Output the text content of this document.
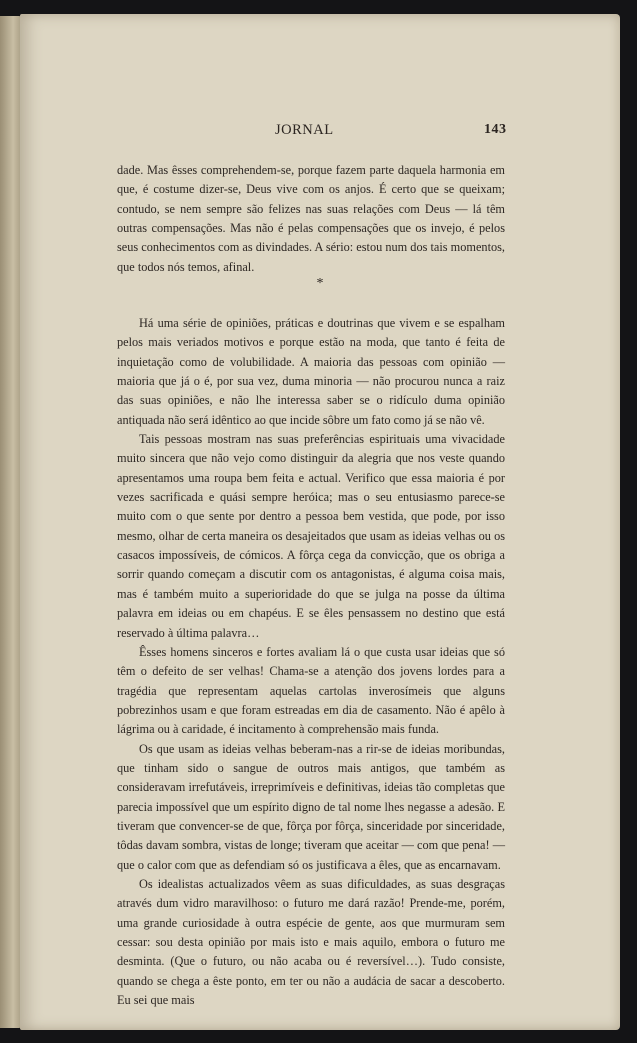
JORNAL	143

dade. Mas êsses comprehendem-se, porque fazem parte daquela harmonia em que, é costume dizer-se, Deus vive com os anjos. É certo que se queixam; contudo, se nem sempre são felizes nas suas relações com Deus — lá têm outras compensações. Mas não é pelas compensações que os invejo, é pelos seus conhecimentos com as divindades. A sério: estou num dos tais momentos, que todos nós temos, afinal.

*

Há uma série de opiniões, práticas e doutrinas que vivem e se espalham pelos mais veriados motivos e porque estão na moda, que tanto é feita de inquietação como de volubilidade. A maioria das pessoas com opinião — maioria que já o é, por sua vez, duma minoria — não procurou nunca a raiz das suas opiniões, e não lhe interessa saber se o ridículo duma opinião antiquada não será idêntico ao que incide sôbre um fato como já se não vê.

Tais pessoas mostram nas suas preferências espirituais uma vivacidade muito sincera que não vejo como distinguir da alegria que nos veste quando apresentamos uma roupa bem feita e actual. Verifico que essa maioria é por vezes sacrificada e quási sempre heróica; mas o seu entusiasmo parece-se muito com o que sente por dentro a pessoa bem vestida, que pode, por isso mesmo, olhar de certa maneira os desajeitados que usam as ideias velhas ou os casacos impossíveis, de cómicos. A fôrça cega da convicção, que os obriga a sorrir quando começam a discutir com os antagonistas, é alguma coisa mais, mas é também muito a superioridade do que se julga na posse da última palavra em ideias ou em chapéus. E se êles pensassem no destino que está reservado à última palavra…

Êsses homens sinceros e fortes avaliam lá o que custa usar ideias que só têm o defeito de ser velhas! Chama-se a atenção dos jovens lordes para a tragédia que representam aquelas cartolas inverosímeis que alguns pobrezinhos usam e que foram estreadas em dia de casamento. Não é apêlo à lágrima ou à caridade, é incitamento à comprehensão mais funda.

Os que usam as ideias velhas beberam-nas a rir-se de ideias moribundas, que tinham sido o sangue de outros mais antigos, que também as consideravam irrefutáveis, irreprimíveis e definitivas, ideias tão completas que parecia impossível que um espírito digno de tal nome lhes negasse a adesão. E tiveram que convencer-se de que, fôrça por fôrça, sinceridade por sinceridade, tôdas davam sombra, vistas de longe; tiveram que aceitar — com que pena! — que o calor com que as defendiam só os justificava a êles, que as encarnavam.

Os idealistas actualizados vêem as suas dificuldades, as suas desgraças através dum vidro maravilhoso: o futuro me dará razão! Prende-me, porém, uma grande curiosidade à outra espécie de gente, aos que murmuram sem cessar: sou desta opinião por mais isto e mais aquilo, embora o futuro me desminta. (Que o futuro, ou não acaba ou é reversível…). Tudo consiste, quando se chega a êste ponto, em ter ou não a audácia de sacar a descoberto. Eu sei que mais
